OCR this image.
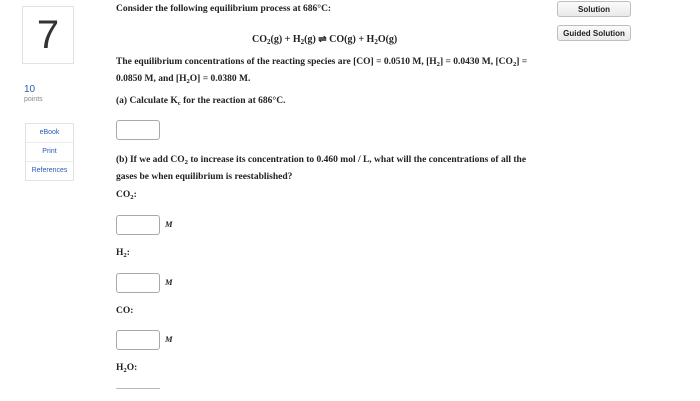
7
10
points
eBook
Print
References
Consider the following equilibrium process at 686°C:
$CO_2(g) + H_2(g)$ ⇌ $CO(g) + H_2O(g)$
The equilibrium concentrations of the reacting species are [CO] = 0.0510 M, $[H_2] = 0.0430$ M, $[CO_2] = 0.0850$ M, and $[H_2O] = 0.0380$ M.
(a) Calculate $K_c$ for the reaction at 686°C.
(b) If we add $CO_2$ to increase its concentration to 0.460 mol / L, what will the concentrations of all the gases be when equilibrium is reestablished?
$CO_2$:
M
$H_2$:
M
CO:
M
$H_2O$:
Solution
Guided Solution
